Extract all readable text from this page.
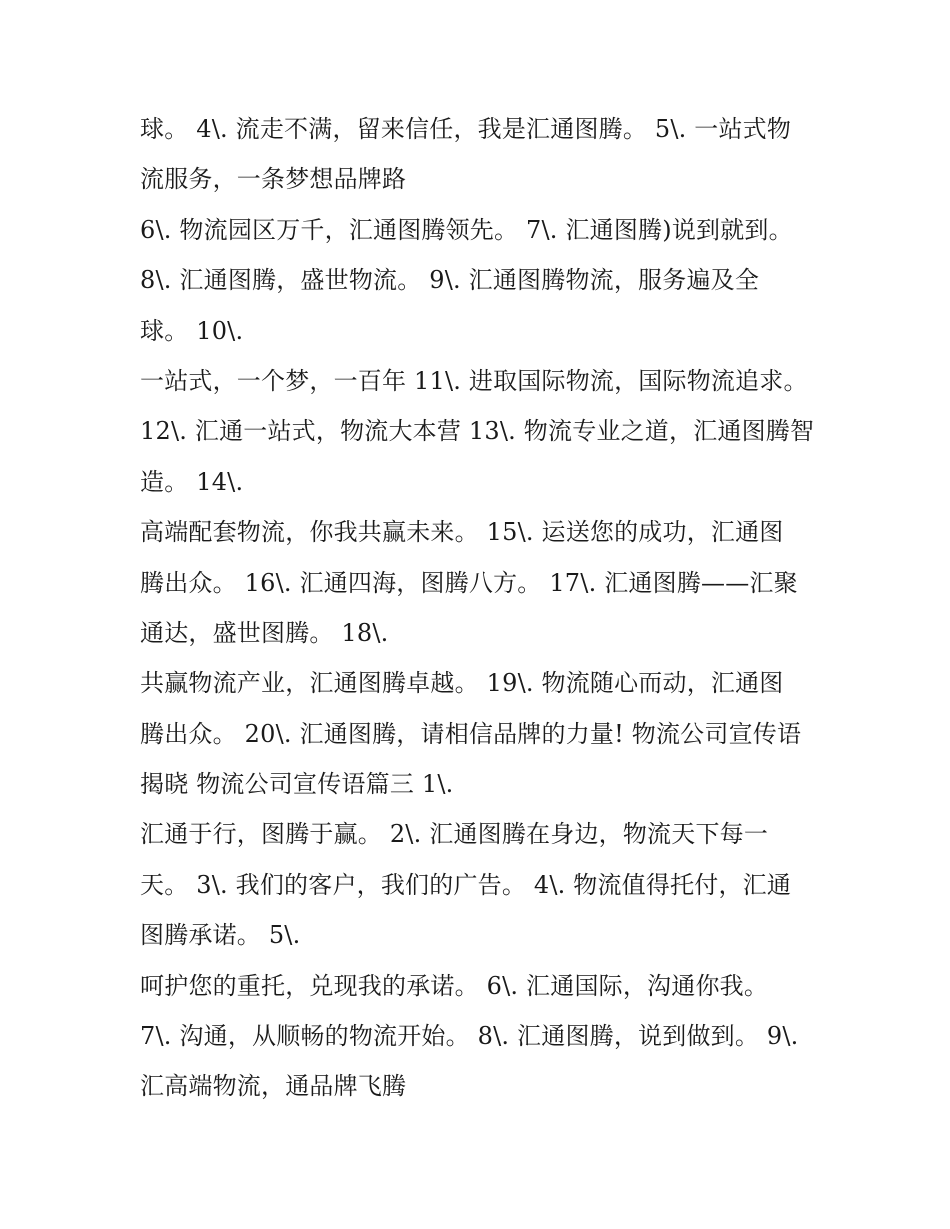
球。 4\. 流走不满，留来信任，我是汇通图腾。 5\. 一站式物
流服务，一条梦想品牌路
6\. 物流园区万千，汇通图腾领先。 7\. 汇通图腾)说到就到。
8\. 汇通图腾，盛世物流。 9\. 汇通图腾物流，服务遍及全
球。 10\.
一站式，一个梦，一百年 11\. 进取国际物流，国际物流追求。
12\. 汇通一站式，物流大本营 13\. 物流专业之道，汇通图腾智
造。 14\.
高端配套物流，你我共赢未来。 15\. 运送您的成功，汇通图
腾出众。 16\. 汇通四海，图腾八方。 17\. 汇通图腾——汇聚
通达，盛世图腾。 18\.
共赢物流产业，汇通图腾卓越。 19\. 物流随心而动，汇通图
腾出众。 20\. 汇通图腾，请相信品牌的力量! 物流公司宣传语
揭晓 物流公司宣传语篇三 1\.
汇通于行，图腾于赢。 2\. 汇通图腾在身边，物流天下每一
天。 3\. 我们的客户，我们的广告。 4\. 物流值得托付，汇通
图腾承诺。 5\.
呵护您的重托，兑现我的承诺。 6\. 汇通国际，沟通你我。
7\. 沟通，从顺畅的物流开始。 8\. 汇通图腾，说到做到。 9\.
汇高端物流，通品牌飞腾
